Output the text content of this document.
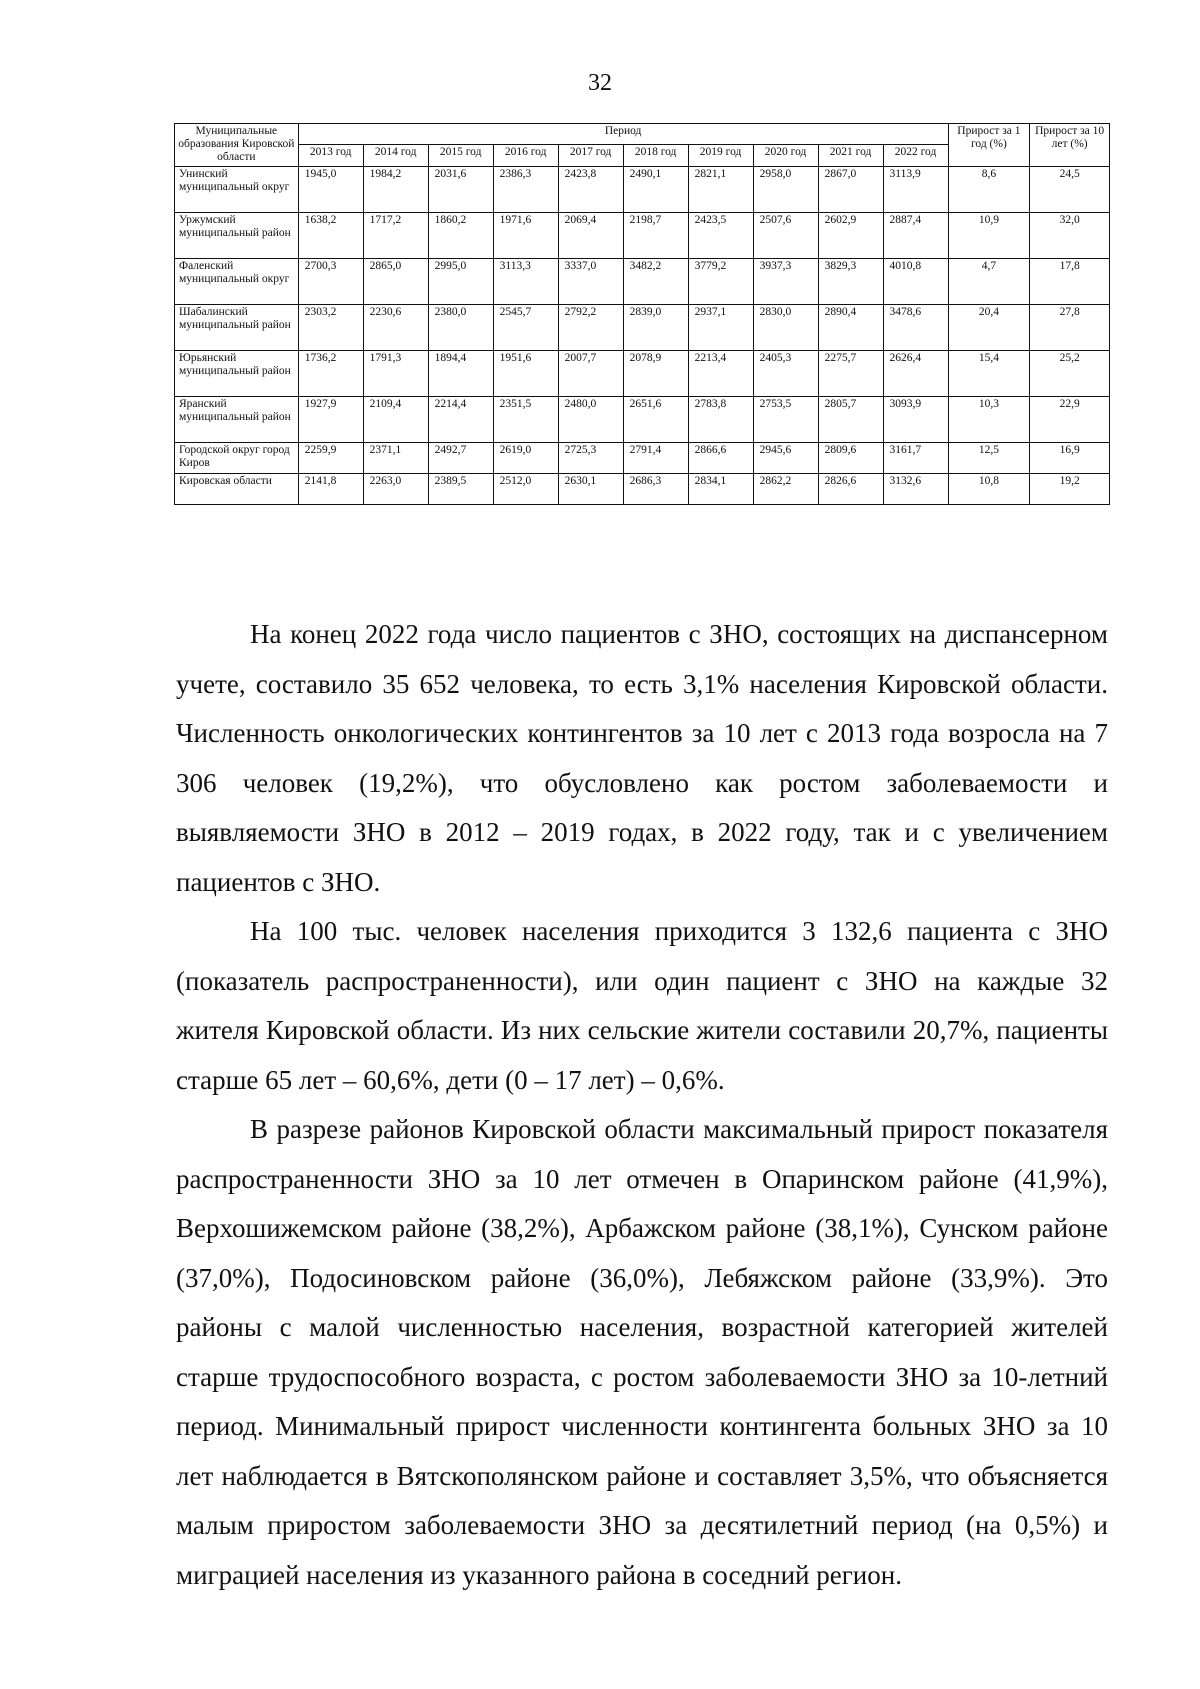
32
Муниципальные образования Кировской области	Период										Прирост за 1 год (%)	Прирост за 10 лет (%)
	2013 год	2014 год	2015 год	2016 год	2017 год	2018 год	2019 год	2020 год	2021 год	2022 год		
Унинский муниципальный округ	1945,0	1984,2	2031,6	2386,3	2423,8	2490,1	2821,1	2958,0	2867,0	3113,9	8,6	24,5
Уржумский муниципальный район	1638,2	1717,2	1860,2	1971,6	2069,4	2198,7	2423,5	2507,6	2602,9	2887,4	10,9	32,0
Фаленский муниципальный округ	2700,3	2865,0	2995,0	3113,3	3337,0	3482,2	3779,2	3937,3	3829,3	4010,8	4,7	17,8
Шабалинский муниципальный район	2303,2	2230,6	2380,0	2545,7	2792,2	2839,0	2937,1	2830,0	2890,4	3478,6	20,4	27,8
Юрьянский муниципальный район	1736,2	1791,3	1894,4	1951,6	2007,7	2078,9	2213,4	2405,3	2275,7	2626,4	15,4	25,2
Яранский муниципальный район	1927,9	2109,4	2214,4	2351,5	2480,0	2651,6	2783,8	2753,5	2805,7	3093,9	10,3	22,9
Городской округ город Киров	2259,9	2371,1	2492,7	2619,0	2725,3	2791,4	2866,6	2945,6	2809,6	3161,7	12,5	16,9
Кировская области	2141,8	2263,0	2389,5	2512,0	2630,1	2686,3	2834,1	2862,2	2826,6	3132,6	10,8	19,2

На конец 2022 года число пациентов с ЗНО, состоящих на диспансерном учете, составило 35 652 человека, то есть 3,1% населения Кировской области. Численность онкологических контингентов за 10 лет с 2013 года возросла на 7 306 человек (19,2%), что обусловлено как ростом заболеваемости и выявляемости ЗНО в 2012 – 2019 годах, в 2022 году, так и с увеличением пациентов с ЗНО.

На 100 тыс. человек населения приходится 3 132,6 пациента с ЗНО (показатель распространенности), или один пациент с ЗНО на каждые 32 жителя Кировской области. Из них сельские жители составили 20,7%, пациенты старше 65 лет – 60,6%, дети (0 – 17 лет) – 0,6%.

В разрезе районов Кировской области максимальный прирост показателя распространенности ЗНО за 10 лет отмечен в Опаринском районе (41,9%), Верхошижемском районе (38,2%), Арбажском районе (38,1%), Сунском районе (37,0%), Подосиновском районе (36,0%), Лебяжском районе (33,9%). Это районы с малой численностью населения, возрастной категорией жителей старше трудоспособного возраста, с ростом заболеваемости ЗНО за 10-летний период. Минимальный прирост численности контингента больных ЗНО за 10 лет наблюдается в Вятскополянском районе и составляет 3,5%, что объясняется малым приростом заболеваемости ЗНО за десятилетний период (на 0,5%) и миграцией населения из указанного района в соседний регион.
